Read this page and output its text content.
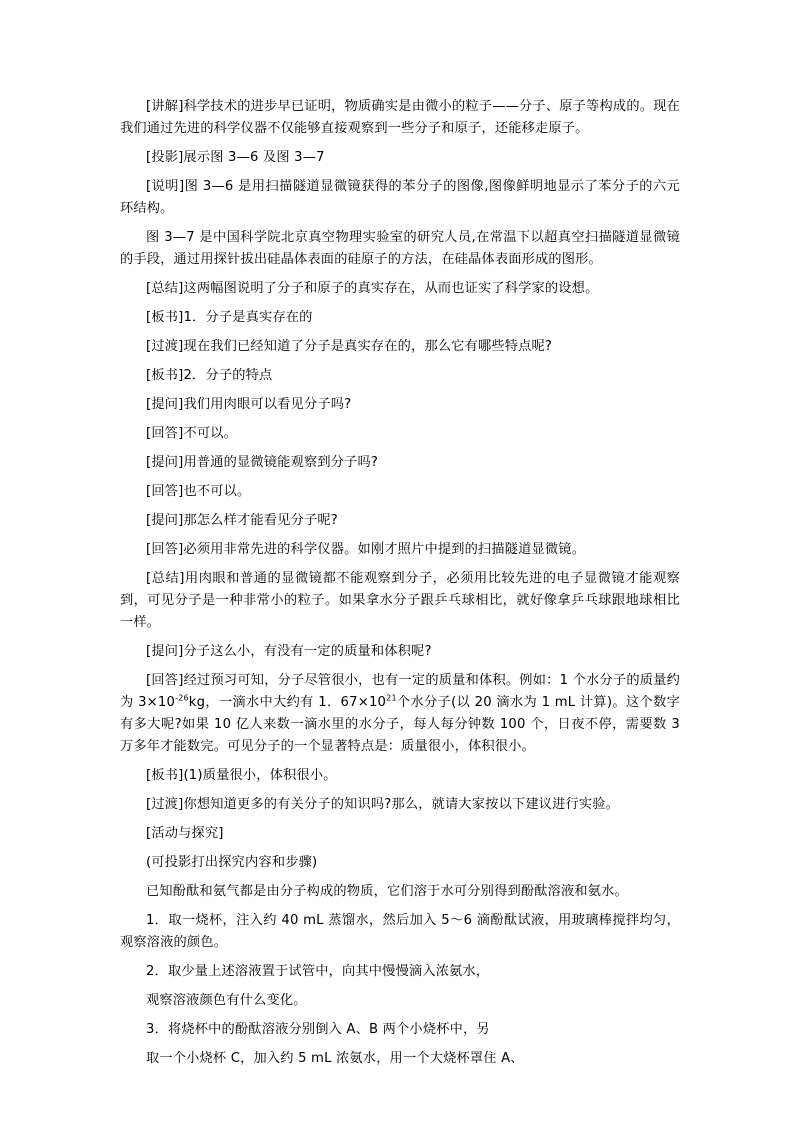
[讲解]科学技术的进步早已证明，物质确实是由微小的粒子——分子、原子等构成的。现在我们通过先进的科学仪器不仅能够直接观察到一些分子和原子，还能移走原子。

[投影]展示图 3—6 及图 3—7

[说明]图 3—6 是用扫描隧道显微镜获得的苯分子的图像,图像鲜明地显示了苯分子的六元环结构。

图 3—7 是中国科学院北京真空物理实验室的研究人员,在常温下以超真空扫描隧道显微镜的手段，通过用探针拔出硅晶体表面的硅原子的方法，在硅晶体表面形成的图形。

[总结]这两幅图说明了分子和原子的真实存在，从而也证实了科学家的设想。

[板书]1．分子是真实存在的

[过渡]现在我们已经知道了分子是真实存在的，那么它有哪些特点呢?

[板书]2．分子的特点

[提问]我们用肉眼可以看见分子吗?

[回答]不可以。

[提问]用普通的显微镜能观察到分子吗?

[回答]也不可以。

[提问]那怎么样才能看见分子呢?

[回答]必须用非常先进的科学仪器。如刚才照片中提到的扫描隧道显微镜。

[总结]用肉眼和普通的显微镜都不能观察到分子，必须用比较先进的电子显微镜才能观察到，可见分子是一种非常小的粒子。如果拿水分子跟乒乓球相比，就好像拿乒乓球跟地球相比一样。

[提问]分子这么小，有没有一定的质量和体积呢?

[回答]经过预习可知，分子尽管很小，也有一定的质量和体积。例如：1 个水分子的质量约为 $3\times 10^{-26}kg$，一滴水中大约有 1．$67\times 10^{21}$个水分子(以 20 滴水为 1 mL 计算)。这个数字有多大呢?如果 10 亿人来数一滴水里的水分子，每人每分钟数 100 个，日夜不停，需要数 3 万多年才能数完。可见分子的一个显著特点是：质量很小，体积很小。

[板书](1)质量很小，体积很小。

[过渡]你想知道更多的有关分子的知识吗?那么，就请大家按以下建议进行实验。

[活动与探究]

(可投影打出探究内容和步骤)

已知酚酞和氨气都是由分子构成的物质，它们溶于水可分别得到酚酞溶液和氨水。

1．取一烧杯，注入约 40 mL 蒸馏水，然后加入 5～6 滴酚酞试液，用玻璃棒搅拌均匀，观察溶液的颜色。

2．取少量上述溶液置于试管中，向其中慢慢滴入浓氨水，

观察溶液颜色有什么变化。

3．将烧杯中的酚酞溶液分别倒入 A、B 两个小烧杯中，另

取一个小烧杯 C，加入约 5 mL 浓氨水，用一个大烧杯罩住 A、
